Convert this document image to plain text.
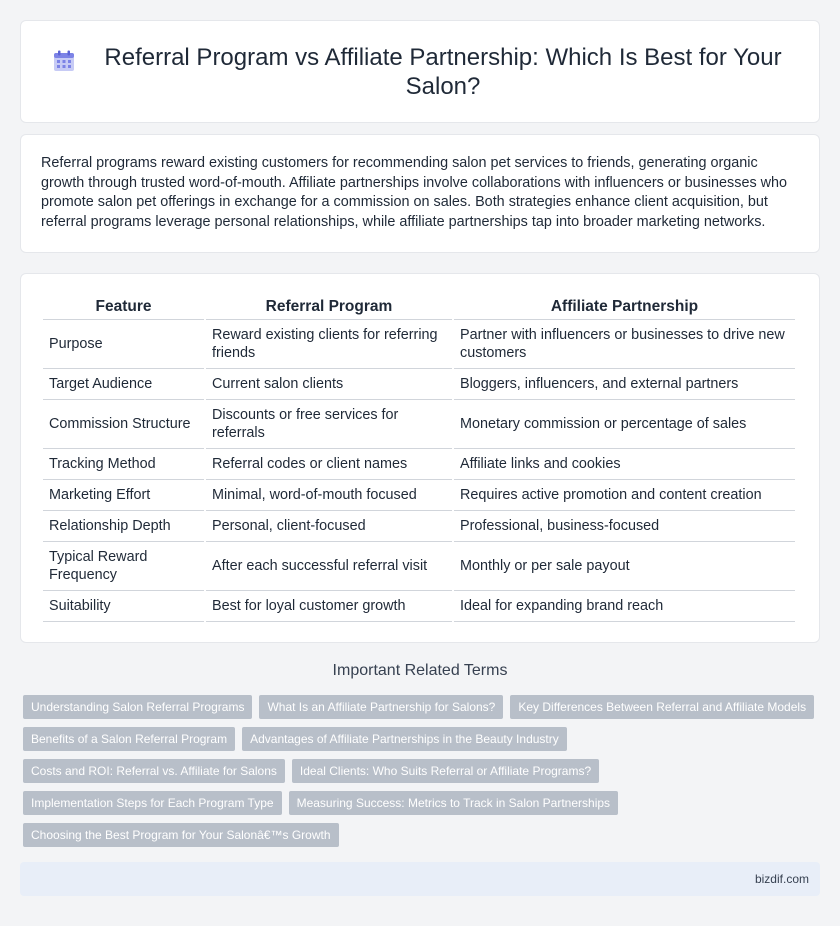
Referral Program vs Affiliate Partnership: Which Is Best for Your Salon?

Referral programs reward existing customers for recommending salon pet services to friends, generating organic growth through trusted word-of-mouth. Affiliate partnerships involve collaborations with influencers or businesses who promote salon pet offerings in exchange for a commission on sales. Both strategies enhance client acquisition, but referral programs leverage personal relationships, while affiliate partnerships tap into broader marketing networks.

Feature	Referral Program	Affiliate Partnership
Purpose	Reward existing clients for referring friends	Partner with influencers or businesses to drive new customers
Target Audience	Current salon clients	Bloggers, influencers, and external partners
Commission Structure	Discounts or free services for referrals	Monetary commission or percentage of sales
Tracking Method	Referral codes or client names	Affiliate links and cookies
Marketing Effort	Minimal, word-of-mouth focused	Requires active promotion and content creation
Relationship Depth	Personal, client-focused	Professional, business-focused
Typical Reward Frequency	After each successful referral visit	Monthly or per sale payout
Suitability	Best for loyal customer growth	Ideal for expanding brand reach
Important Related Terms
Understanding Salon Referral Programs	What Is an Affiliate Partnership for Salons?	Key Differences Between Referral and Affiliate Models
Benefits of a Salon Referral Program	Advantages of Affiliate Partnerships in the Beauty Industry
Costs and ROI: Referral vs. Affiliate for Salons	Ideal Clients: Who Suits Referral or Affiliate Programs?
Implementation Steps for Each Program Type	Measuring Success: Metrics to Track in Salon Partnerships
Choosing the Best Program for Your Salonâ€™s Growth
bizdif.com
